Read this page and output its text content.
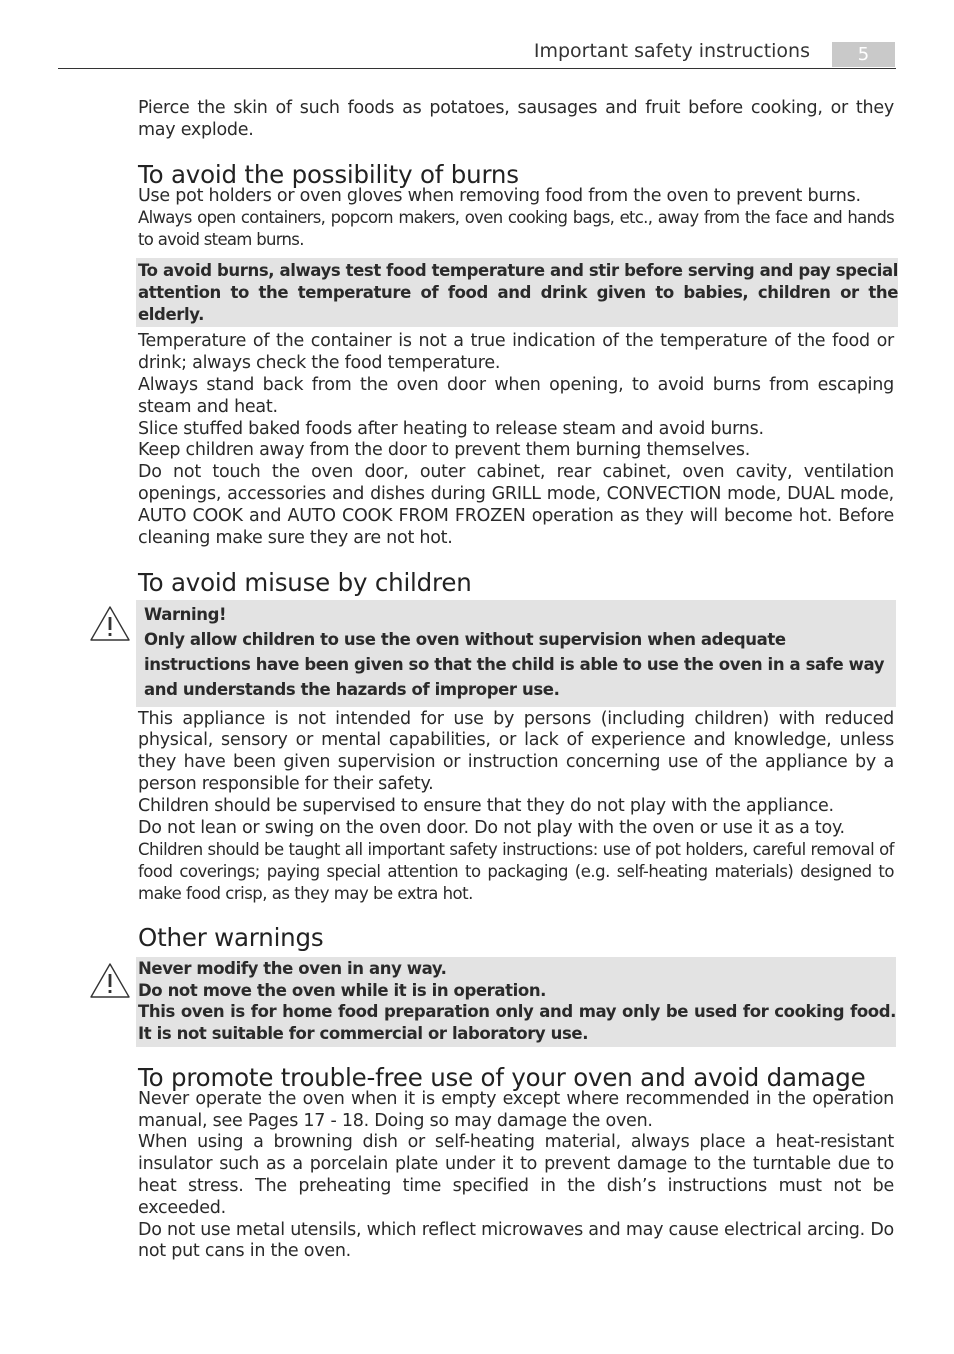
Important safety instructions	5

Pierce the skin of such foods as potatoes, sausages and fruit before cooking, or they may explode.

To avoid the possibility of burns

Use pot holders or oven gloves when removing food from the oven to prevent burns.

Always open containers, popcorn makers, oven cooking bags, etc., away from the face and hands to avoid steam burns.

To avoid burns, always test food temperature and stir before serving and pay special attention to the temperature of food and drink given to babies, children or the elderly.

Temperature of the container is not a true indication of the temperature of the food or drink; always check the food temperature.

Always stand back from the oven door when opening, to avoid burns from escaping steam and heat.

Slice stuffed baked foods after heating to release steam and avoid burns.

Keep children away from the door to prevent them burning themselves.

Do not touch the oven door, outer cabinet, rear cabinet, oven cavity, ventilation openings, accessories and dishes during GRILL mode, CONVECTION mode, DUAL mode, AUTO COOK and AUTO COOK FROM FROZEN operation as they will become hot. Before cleaning make sure they are not hot.

To avoid misuse by children

Warning!

Only allow children to use the oven without supervision when adequate instructions have been given so that the child is able to use the oven in a safe way and understands the hazards of improper use.

This appliance is not intended for use by persons (including children) with reduced physical, sensory or mental capabilities, or lack of experience and knowledge, unless they have been given supervision or instruction concerning use of the appliance by a person responsible for their safety.

Children should be supervised to ensure that they do not play with the appliance.

Do not lean or swing on the oven door. Do not play with the oven or use it as a toy.

Children should be taught all important safety instructions: use of pot holders, careful removal of food coverings; paying special attention to packaging (e.g. self-heating materials) designed to make food crisp, as they may be extra hot.

Other warnings

Never modify the oven in any way.

Do not move the oven while it is in operation.

This oven is for home food preparation only and may only be used for cooking food. It is not suitable for commercial or laboratory use.

To promote trouble-free use of your oven and avoid damage

Never operate the oven when it is empty except where recommended in the operation manual, see Pages 17 - 18. Doing so may damage the oven.

When using a browning dish or self-heating material, always place a heat-resistant insulator such as a porcelain plate under it to prevent damage to the turntable due to heat stress. The preheating time specified in the dish’s instructions must not be exceeded.

Do not use metal utensils, which reflect microwaves and may cause electrical arcing. Do not put cans in the oven.
